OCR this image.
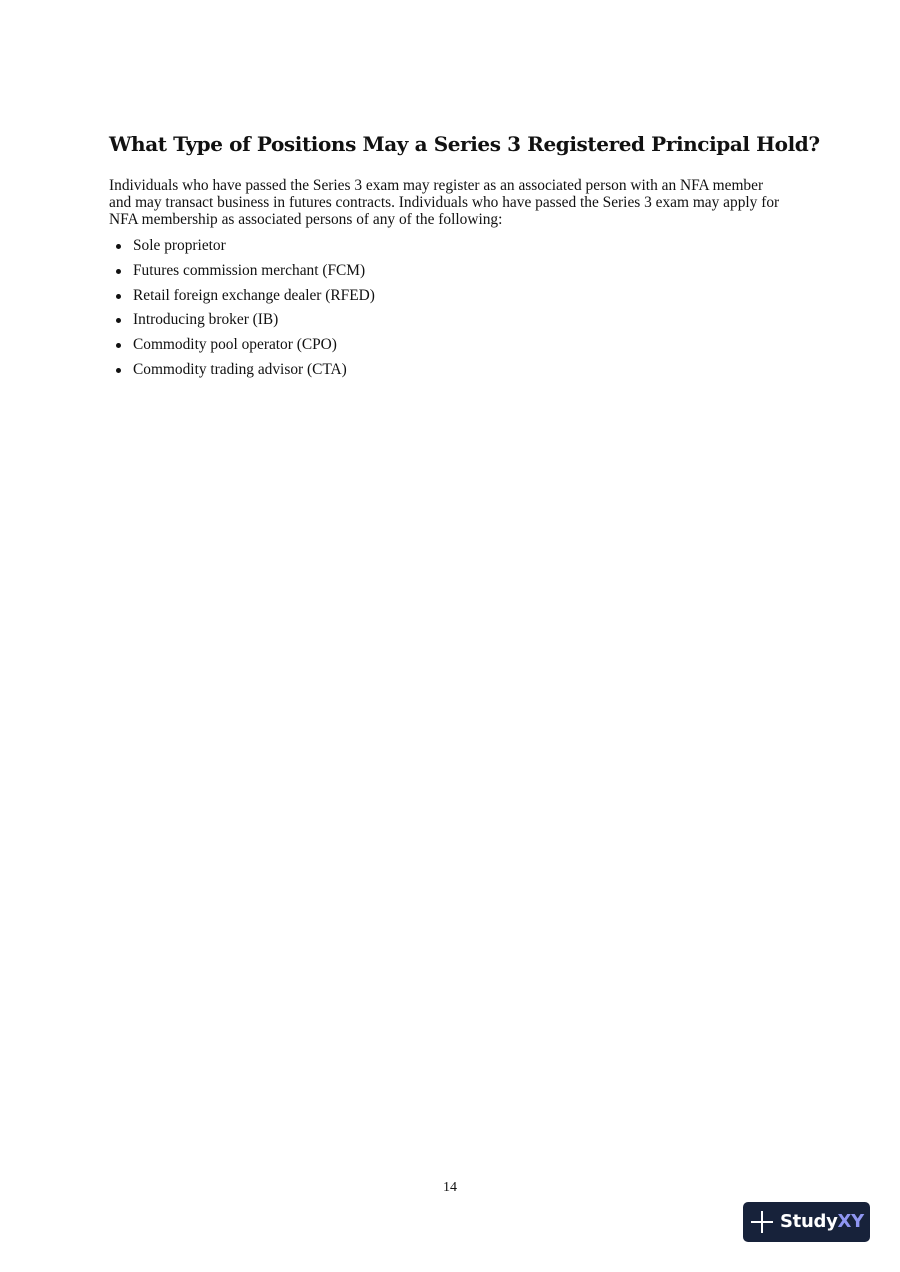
What Type of Positions May a Series 3 Registered Principal Hold?

Individuals who have passed the Series 3 exam may register as an associated person with an NFA member and may transact business in futures contracts. Individuals who have passed the Series 3 exam may apply for NFA membership as associated persons of any of the following:

Sole proprietor
Futures commission merchant (FCM)
Retail foreign exchange dealer (RFED)
Introducing broker (IB)
Commodity pool operator (CPO)
Commodity trading advisor (CTA)
14
StudyXY
